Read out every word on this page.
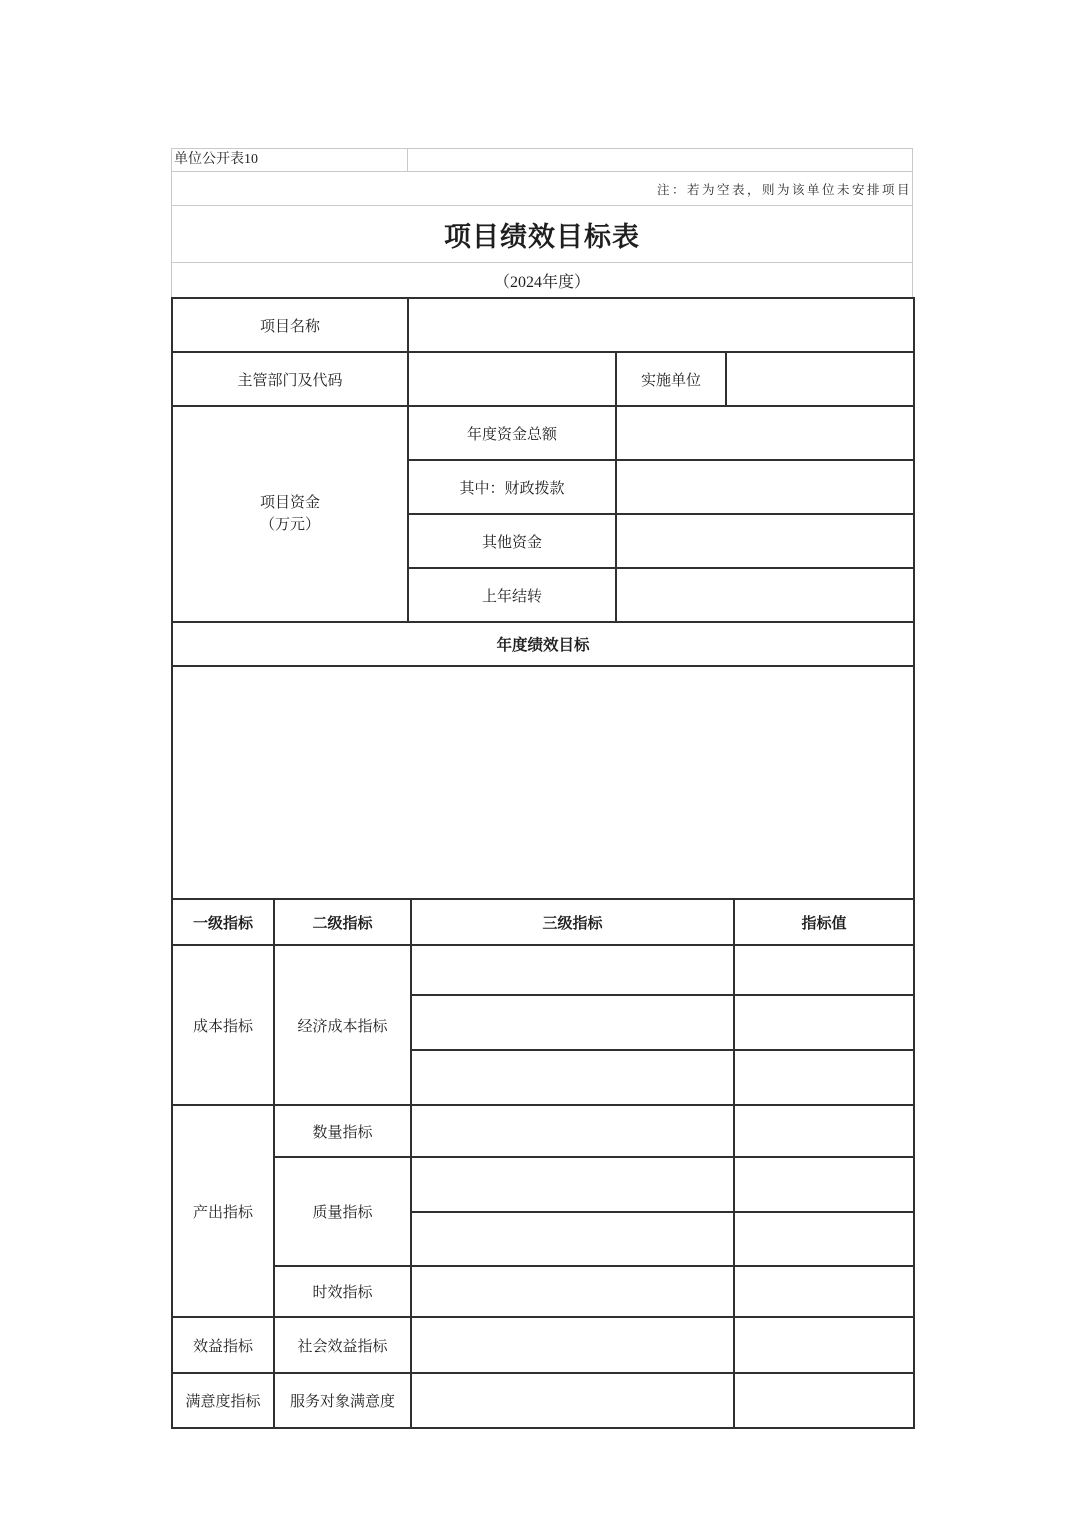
单位公开表10
注：若为空表，则为该单位未安排项目
项目绩效目标表
（2024年度）
项目名称			
主管部门及代码		实施单位	

项目资金
（万元）	年度资金总额		
	其中：财政拨款		
	其他资金		
	上年结转		
年度绩效目标			

一级指标	二级指标	三级指标	指标值
成本指标	经济成本指标		

产出指标	数量指标		
	质量指标		

	时效指标		
效益指标	社会效益指标		
满意度指标	服务对象满意度		
